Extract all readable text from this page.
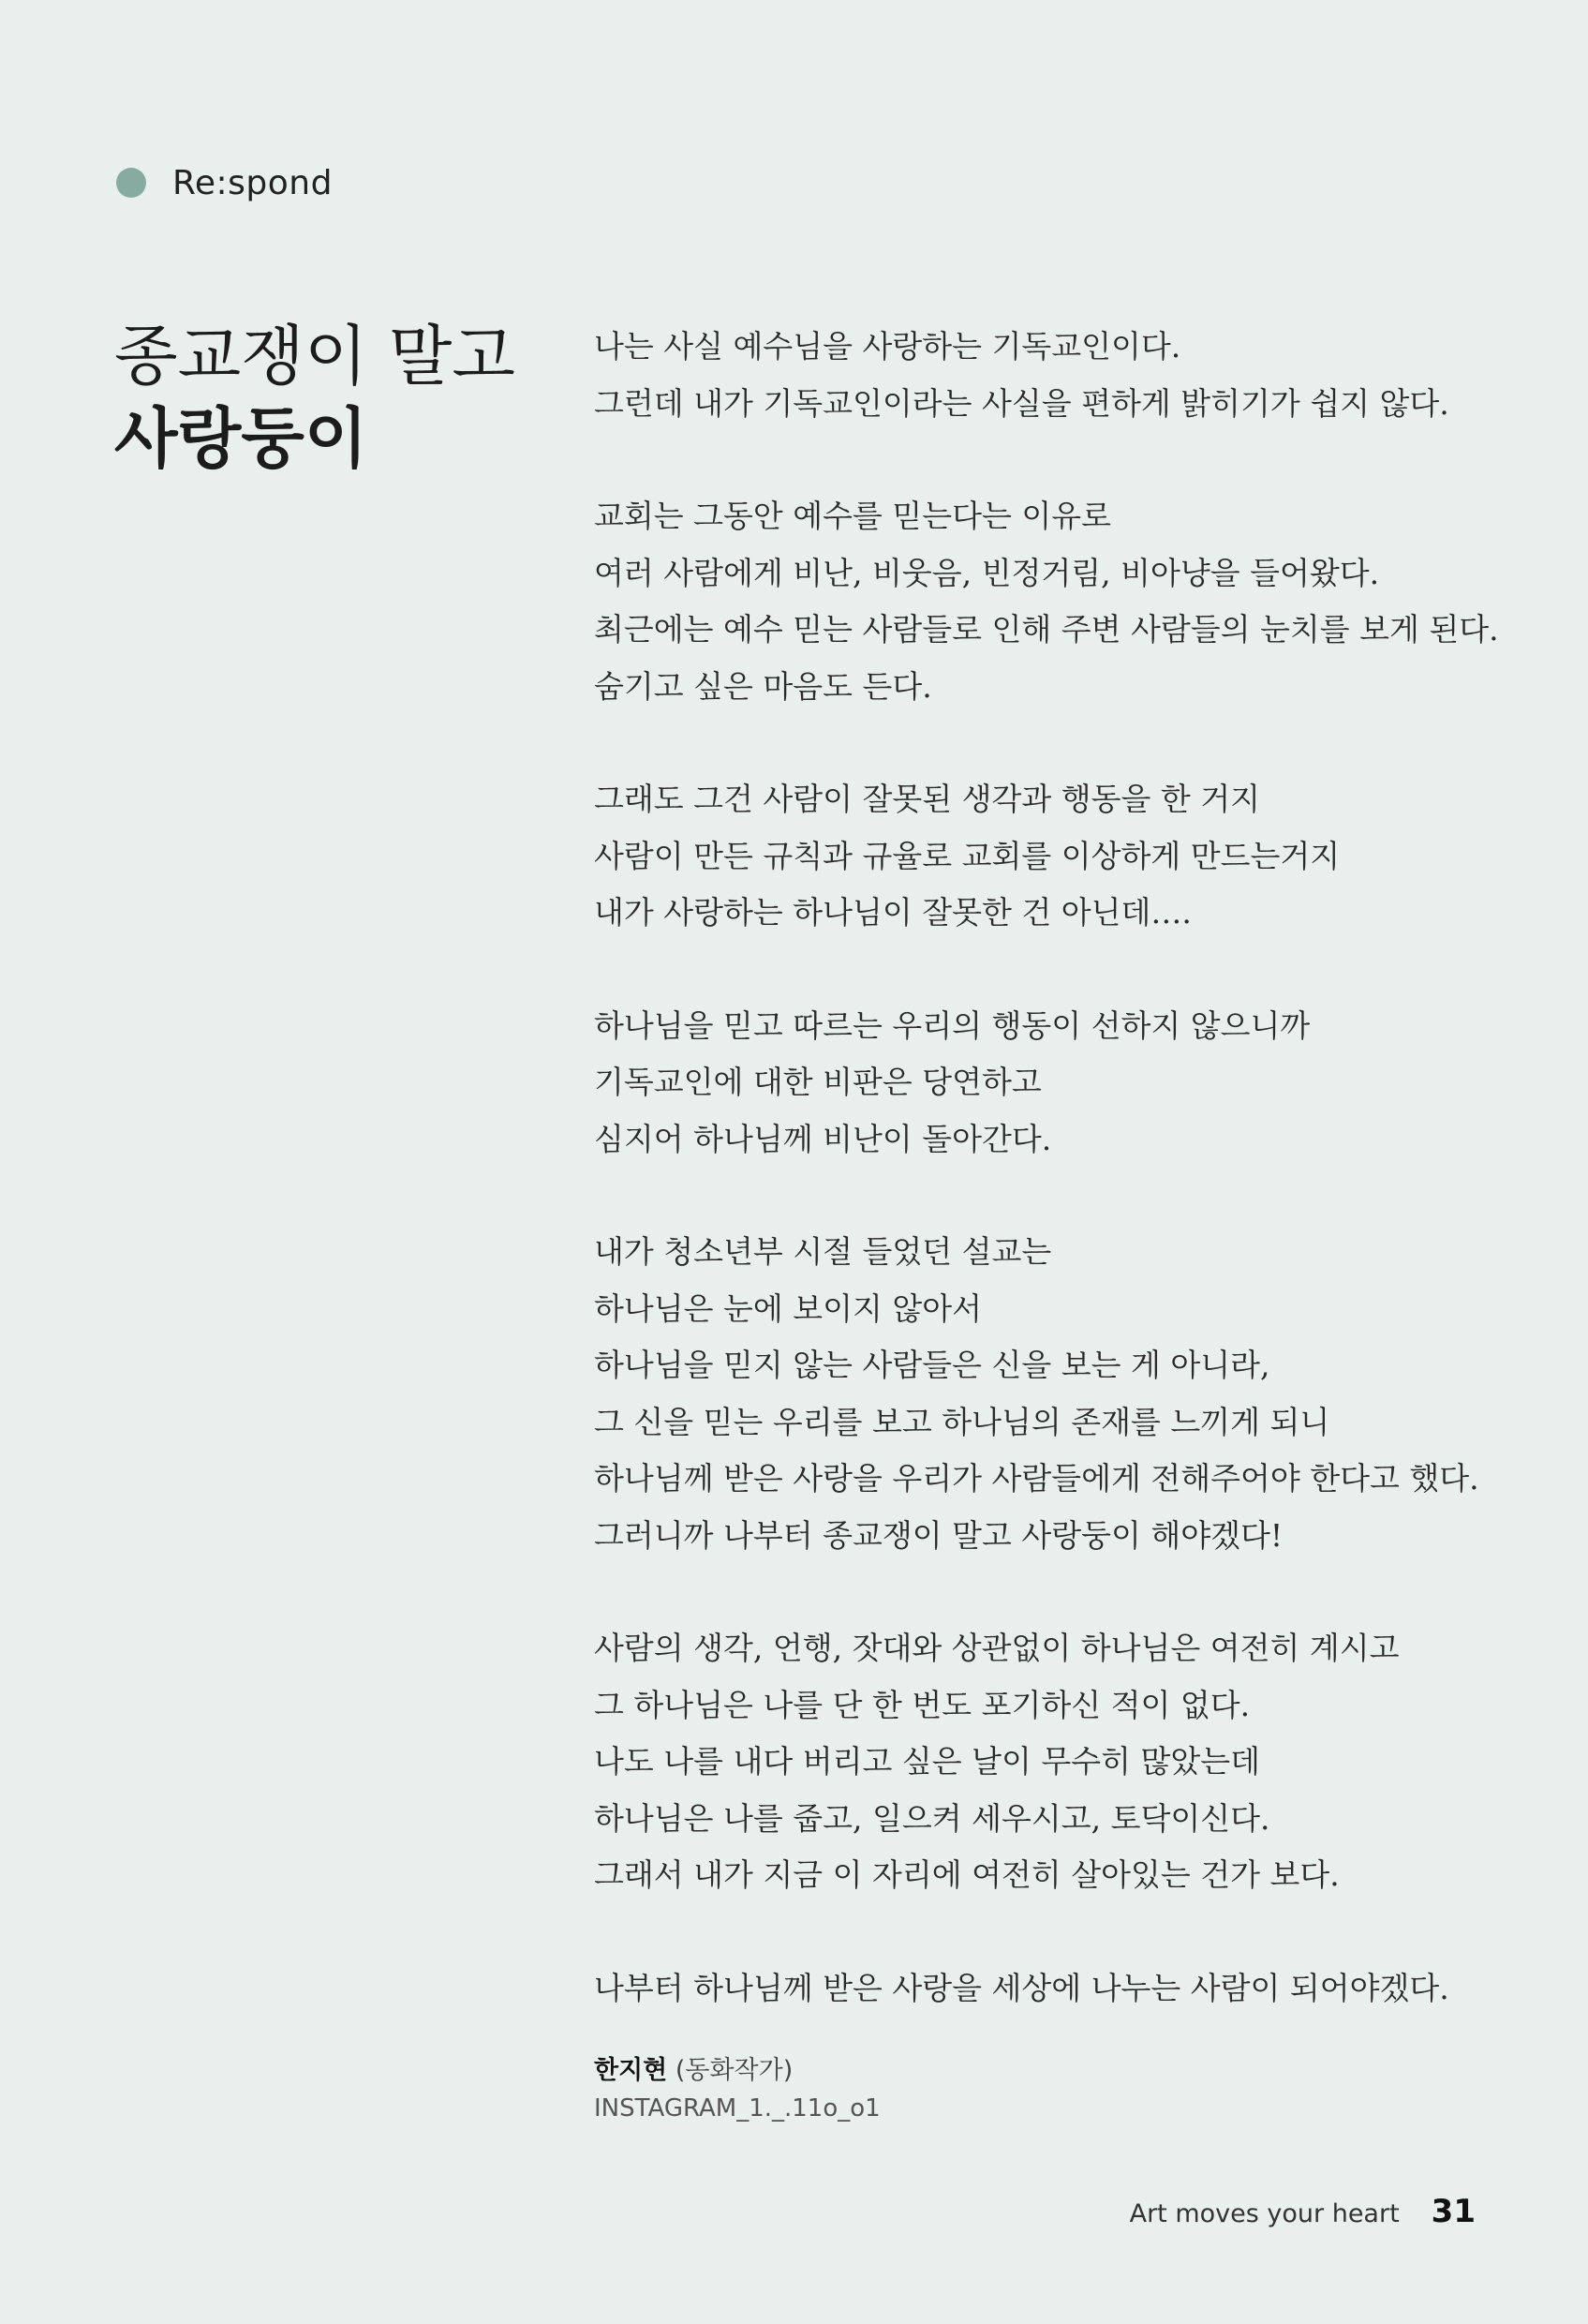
Re:spond
종교쟁이 말고
사랑둥이
나는 사실 예수님을 사랑하는 기독교인이다.
그런데 내가 기독교인이라는 사실을 편하게 밝히기가 쉽지 않다.
교회는 그동안 예수를 믿는다는 이유로
여러 사람에게 비난, 비웃음, 빈정거림, 비아냥을 들어왔다.
최근에는 예수 믿는 사람들로 인해 주변 사람들의 눈치를 보게 된다.
숨기고 싶은 마음도 든다.
그래도 그건 사람이 잘못된 생각과 행동을 한 거지
사람이 만든 규칙과 규율로 교회를 이상하게 만드는거지
내가 사랑하는 하나님이 잘못한 건 아닌데….
하나님을 믿고 따르는 우리의 행동이 선하지 않으니까
기독교인에 대한 비판은 당연하고
심지어 하나님께 비난이 돌아간다.
내가 청소년부 시절 들었던 설교는
하나님은 눈에 보이지 않아서
하나님을 믿지 않는 사람들은 신을 보는 게 아니라,
그 신을 믿는 우리를 보고 하나님의 존재를 느끼게 되니
하나님께 받은 사랑을 우리가 사람들에게 전해주어야 한다고 했다.
그러니까 나부터 종교쟁이 말고 사랑둥이 해야겠다!
사람의 생각, 언행, 잣대와 상관없이 하나님은 여전히 계시고
그 하나님은 나를 단 한 번도 포기하신 적이 없다.
나도 나를 내다 버리고 싶은 날이 무수히 많았는데
하나님은 나를 줍고, 일으켜 세우시고, 토닥이신다.
그래서 내가 지금 이 자리에 여전히 살아있는 건가 보다.
나부터 하나님께 받은 사랑을 세상에 나누는 사람이 되어야겠다.
한지현 (동화작가)
INSTAGRAM_1._.11o_o1
Art moves your heart 31
